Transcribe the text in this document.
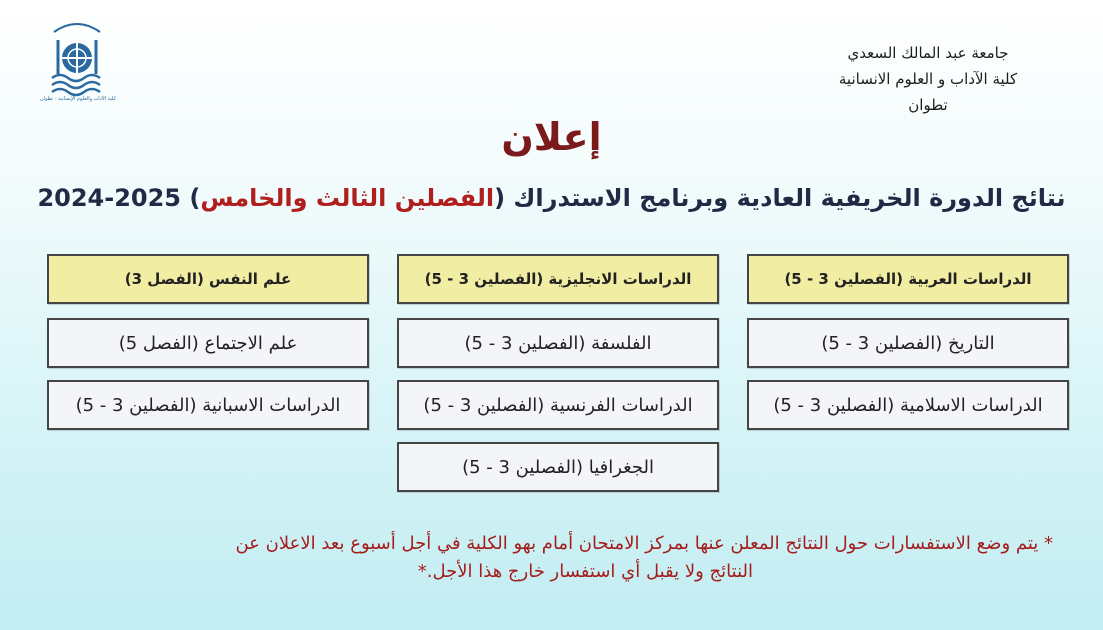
كلية الآداب والعلوم الإنسانية - تطوان
جامعة عبد المالك السعدي
كلية الآداب و العلوم الانسانية
تطوان
إعلان
نتائج الدورة الخريفية العادية وبرنامج الاستدراك (الفصلين الثالث والخامس) 2025-2024
الدراسات العربية (الفصلين 3 - 5)
الدراسات الانجليزية (الفصلين 3 - 5)
علم النفس (الفصل 3)
التاريخ (الفصلين 3 - 5)
الفلسفة (الفصلين 3 - 5)
علم الاجتماع (الفصل 5)
الدراسات الاسلامية (الفصلين 3 - 5)
الدراسات الفرنسية (الفصلين 3 - 5)
الدراسات الاسبانية (الفصلين 3 - 5)
الجغرافيا (الفصلين 3 - 5)
* يتم وضع الاستفسارات حول النتائج المعلن عنها بمركز الامتحان أمام بهو الكلية في أجل أسبوع بعد الاعلان عن
النتائج ولا يقبل أي استفسار خارج هذا الأجل.*
